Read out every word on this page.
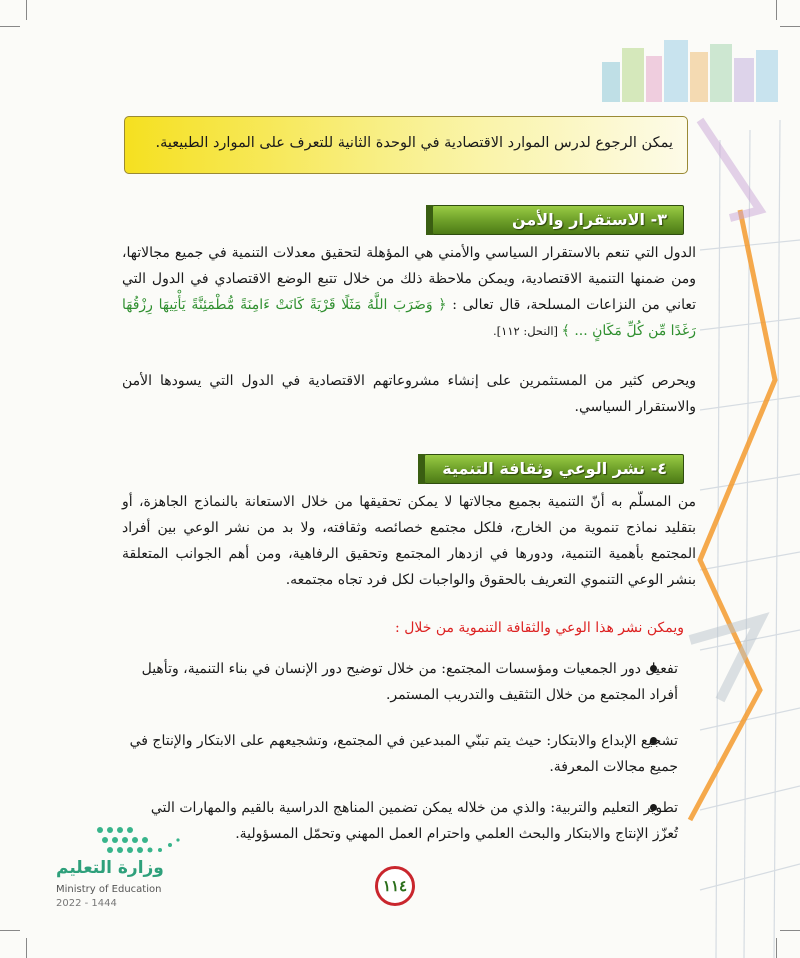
يمكن الرجوع لدرس الموارد الاقتصادية في الوحدة الثانية للتعرف على الموارد الطبيعية.
٣- الاستقرار والأمن

الدول التي تنعم بالاستقرار السياسي والأمني هي المؤهلة لتحقيق معدلات التنمية في جميع مجالاتها، ومن ضمنها التنمية الاقتصادية، ويمكن ملاحظة ذلك من خلال تتبع الوضع الاقتصادي في الدول التي تعاني من النزاعات المسلحة، قال تعالى : ﴿ وَضَرَبَ اللَّهُ مَثَلًا قَرْيَةً كَانَتْ ءَامِنَةً مُّطْمَئِنَّةً يَأْتِيهَا رِزْقُهَا رَغَدًا مِّن كُلِّ مَكَانٍ ... ﴾ [النحل: ١١٢].

ويحرص كثير من المستثمرين على إنشاء مشروعاتهم الاقتصادية في الدول التي يسودها الأمن والاستقرار السياسي.
٤- نشر الوعي وثقافة التنمية
من المسلّم به أنّ التنمية بجميع مجالاتها لا يمكن تحقيقها من خلال الاستعانة بالنماذج الجاهزة، أو بتقليد نماذج تنموية من الخارج، فلكل مجتمع خصائصه وثقافته، ولا بد من نشر الوعي بين أفراد المجتمع بأهمية التنمية، ودورها في ازدهار المجتمع وتحقيق الرفاهية، ومن أهم الجوانب المتعلقة بنشر الوعي التنموي التعريف بالحقوق والواجبات لكل فرد تجاه مجتمعه.
ويمكن نشر هذا الوعي والثقافة التنموية من خلال :
تفعيل دور الجمعيات ومؤسسات المجتمع: من خلال توضيح دور الإنسان في بناء التنمية، وتأهيل أفراد المجتمع من خلال التثقيف والتدريب المستمر.
تشجيع الإبداع والابتكار: حيث يتم تبنّي المبدعين في المجتمع، وتشجيعهم على الابتكار والإنتاج في جميع مجالات المعرفة.
تطوير التعليم والتربية: والذي من خلاله يمكن تضمين المناهج الدراسية بالقيم والمهارات التي تُعزّز الإنتاج والابتكار والبحث العلمي واحترام العمل المهني وتحمّل المسؤولية.
وزارة التعليم
Ministry of Education
2022 - 1444
١١٤
